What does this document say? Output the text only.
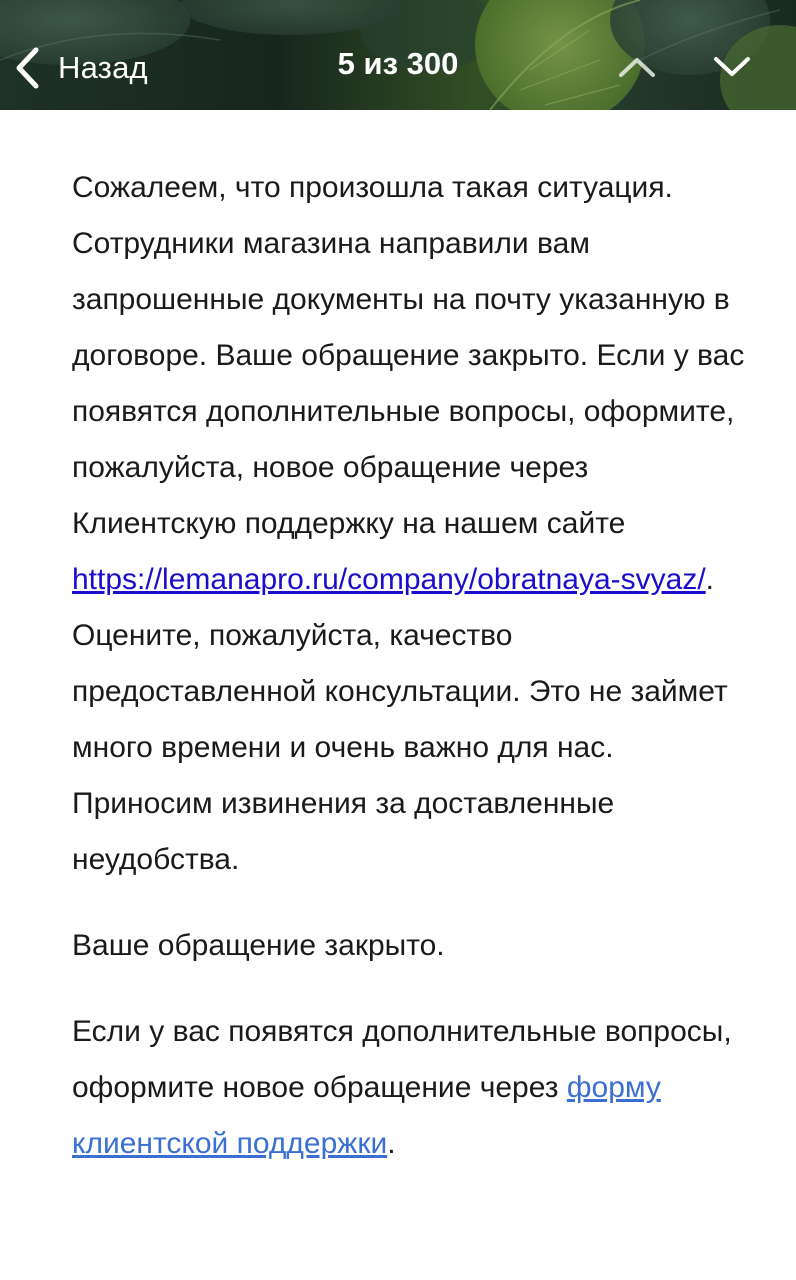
Назад	5 из 300

Сожалеем, что произошла такая ситуация. Сотрудники магазина направили вам запрошенные документы на почту указанную в договоре. Ваше обращение закрыто. Если у вас появятся дополнительные вопросы, оформите, пожалуйста, новое обращение через Клиентскую поддержку на нашем сайте https://lemanapro.ru/company/obratnaya-svyaz/. Оцените, пожалуйста, качество предоставленной консультации. Это не займет много времени и очень важно для нас. Приносим извинения за доставленные неудобства.

Ваше обращение закрыто.

Если у вас появятся дополнительные вопросы, оформите новое обращение через форму клиентской поддержки.
